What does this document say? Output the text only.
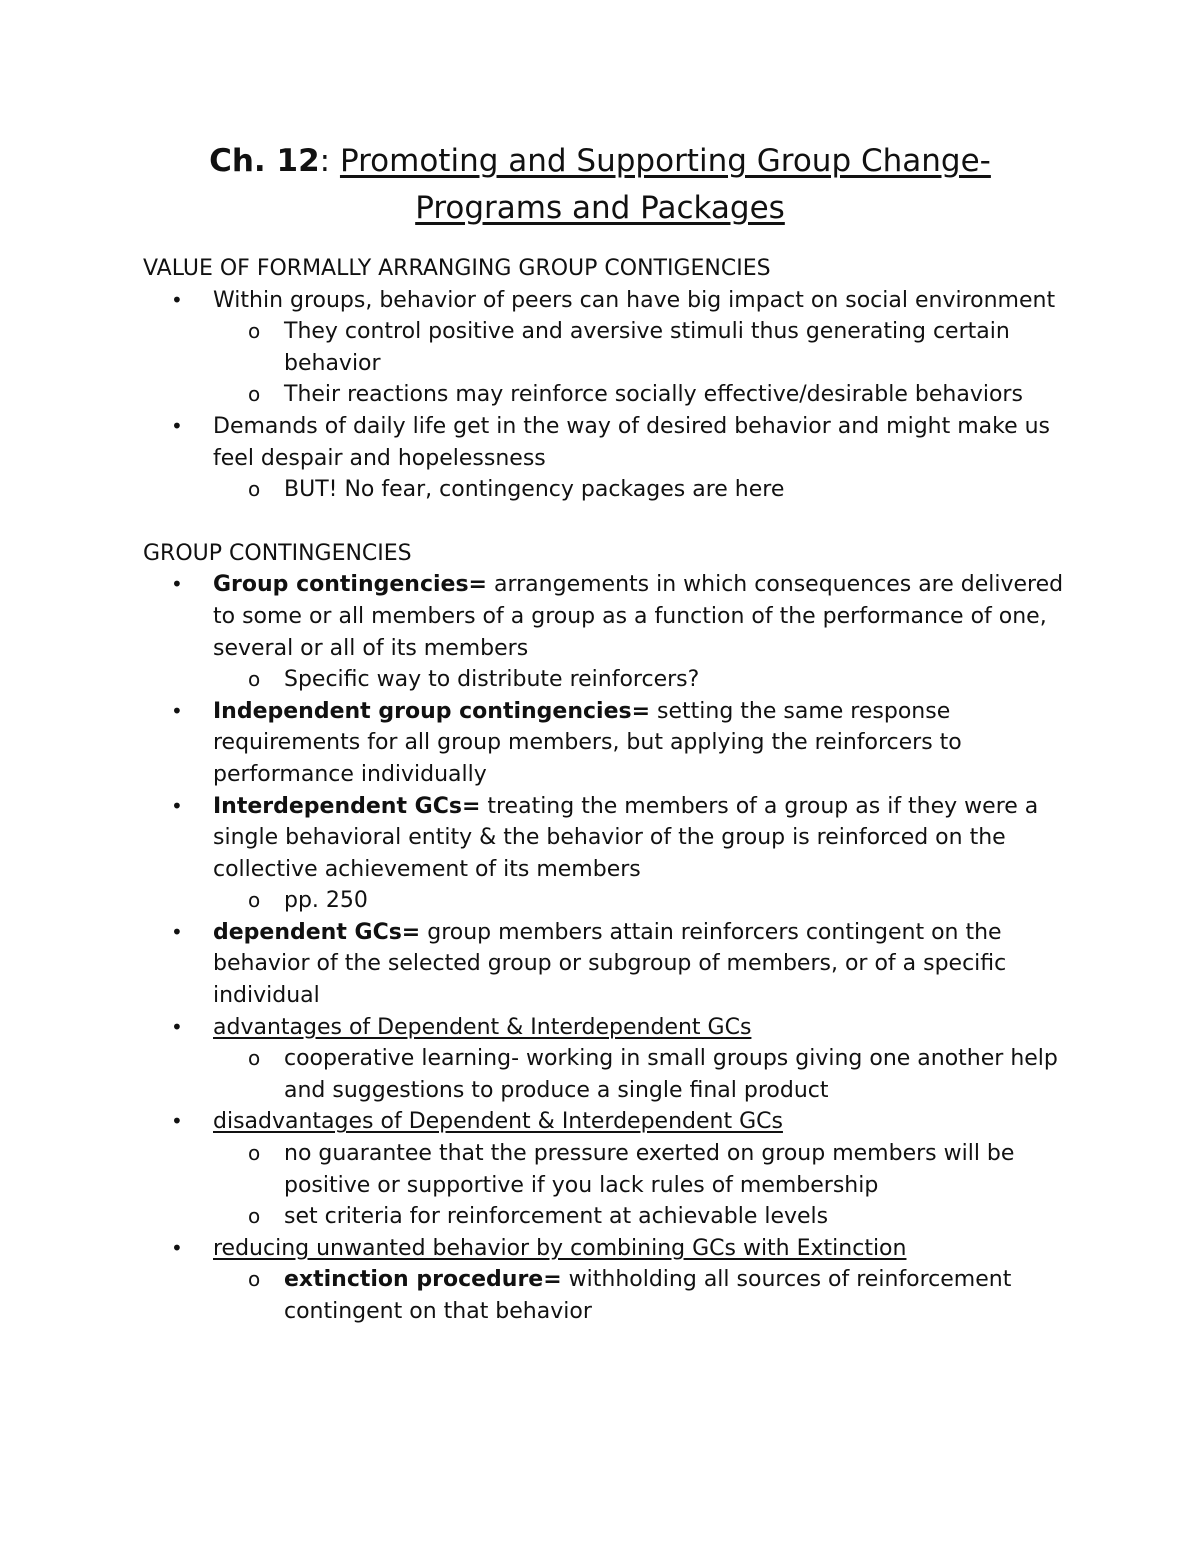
Ch. 12: Promoting and Supporting Group Change-
Programs and Packages
VALUE OF FORMALLY ARRANGING GROUP CONTIGENCIES
• Within groups, behavior of peers can have big impact on social environment
o They control positive and aversive stimuli thus generating certain behavior
o Their reactions may reinforce socially effective/desirable behaviors
• Demands of daily life get in the way of desired behavior and might make us feel despair and hopelessness
o BUT! No fear, contingency packages are here
GROUP CONTINGENCIES
• Group contingencies= arrangements in which consequences are delivered to some or all members of a group as a function of the performance of one, several or all of its members
o Specific way to distribute reinforcers?
• Independent group contingencies= setting the same response requirements for all group members, but applying the reinforcers to performance individually
• Interdependent GCs= treating the members of a group as if they were a single behavioral entity & the behavior of the group is reinforced on the collective achievement of its members
o pp. 250
• dependent GCs= group members attain reinforcers contingent on the behavior of the selected group or subgroup of members, or of a specific individual
• advantages of Dependent & Interdependent GCs
o cooperative learning- working in small groups giving one another help and suggestions to produce a single final product
• disadvantages of Dependent & Interdependent GCs
o no guarantee that the pressure exerted on group members will be positive or supportive if you lack rules of membership
o set criteria for reinforcement at achievable levels
• reducing unwanted behavior by combining GCs with Extinction
o extinction procedure= withholding all sources of reinforcement contingent on that behavior
